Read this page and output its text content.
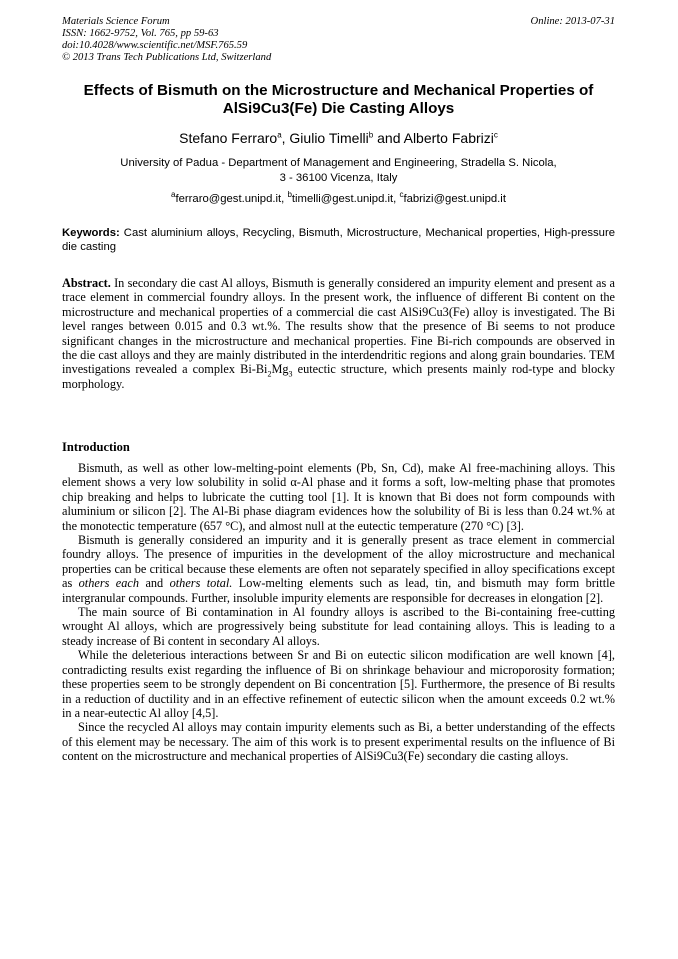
Materials Science Forum
ISSN: 1662-9752, Vol. 765, pp 59-63
doi:10.4028/www.scientific.net/MSF.765.59
© 2013 Trans Tech Publications Ltd, Switzerland
Online: 2013-07-31
Effects of Bismuth on the Microstructure and Mechanical Properties of
AlSi9Cu3(Fe) Die Casting Alloys
Stefano Ferraro$^a$, Giulio Timelli$^b$ and Alberto Fabrizi$^c$
University of Padua - Department of Management and Engineering, Stradella S. Nicola,
3 - 36100 Vicenza, Italy
$^a$ferraro@gest.unipd.it, $^b$timelli@gest.unipd.it, $^c$fabrizi@gest.unipd.it
Keywords: Cast aluminium alloys, Recycling, Bismuth, Microstructure, Mechanical properties, High-pressure die casting

Abstract. In secondary die cast Al alloys, Bismuth is generally considered an impurity element and present as a trace element in commercial foundry alloys. In the present work, the influence of different Bi content on the microstructure and mechanical properties of a commercial die cast AlSi9Cu3(Fe) alloy is investigated. The Bi level ranges between 0.015 and 0.3 wt.%. The results show that the presence of Bi seems to not produce significant changes in the microstructure and mechanical properties. Fine Bi-rich compounds are observed in the die cast alloys and they are mainly distributed in the interdendritic regions and along grain boundaries. TEM investigations revealed a complex $Bi-Bi_2Mg_3$ eutectic structure, which presents mainly rod-type and blocky morphology.

Introduction

Bismuth, as well as other low-melting-point elements (Pb, Sn, Cd), make Al free-machining alloys. This element shows a very low solubility in solid α-Al phase and it forms a soft, low-melting phase that promotes chip breaking and helps to lubricate the cutting tool [1]. It is known that Bi does not form compounds with aluminium or silicon [2]. The Al-Bi phase diagram evidences how the solubility of Bi is less than 0.24 wt.% at the monotectic temperature (657 °C), and almost null at the eutectic temperature (270 °C) [3].

Bismuth is generally considered an impurity and it is generally present as trace element in commercial foundry alloys. The presence of impurities in the development of the alloy microstructure and mechanical properties can be critical because these elements are often not separately specified in alloy specifications except as others each and others total. Low-melting elements such as lead, tin, and bismuth may form brittle intergranular compounds. Further, insoluble impurity elements are responsible for decreases in elongation [2].

The main source of Bi contamination in Al foundry alloys is ascribed to the Bi-containing free-cutting wrought Al alloys, which are progressively being substitute for lead containing alloys. This is leading to a steady increase of Bi content in secondary Al alloys.

While the deleterious interactions between Sr and Bi on eutectic silicon modification are well known [4], contradicting results exist regarding the influence of Bi on shrinkage behaviour and microporosity formation; these properties seem to be strongly dependent on Bi concentration [5]. Furthermore, the presence of Bi results in a reduction of ductility and in an effective refinement of eutectic silicon when the amount exceeds 0.2 wt.% in a near-eutectic Al alloy [4,5].

Since the recycled Al alloys may contain impurity elements such as Bi, a better understanding of the effects of this element may be necessary. The aim of this work is to present experimental results on the influence of Bi content on the microstructure and mechanical properties of AlSi9Cu3(Fe) secondary die casting alloys.
